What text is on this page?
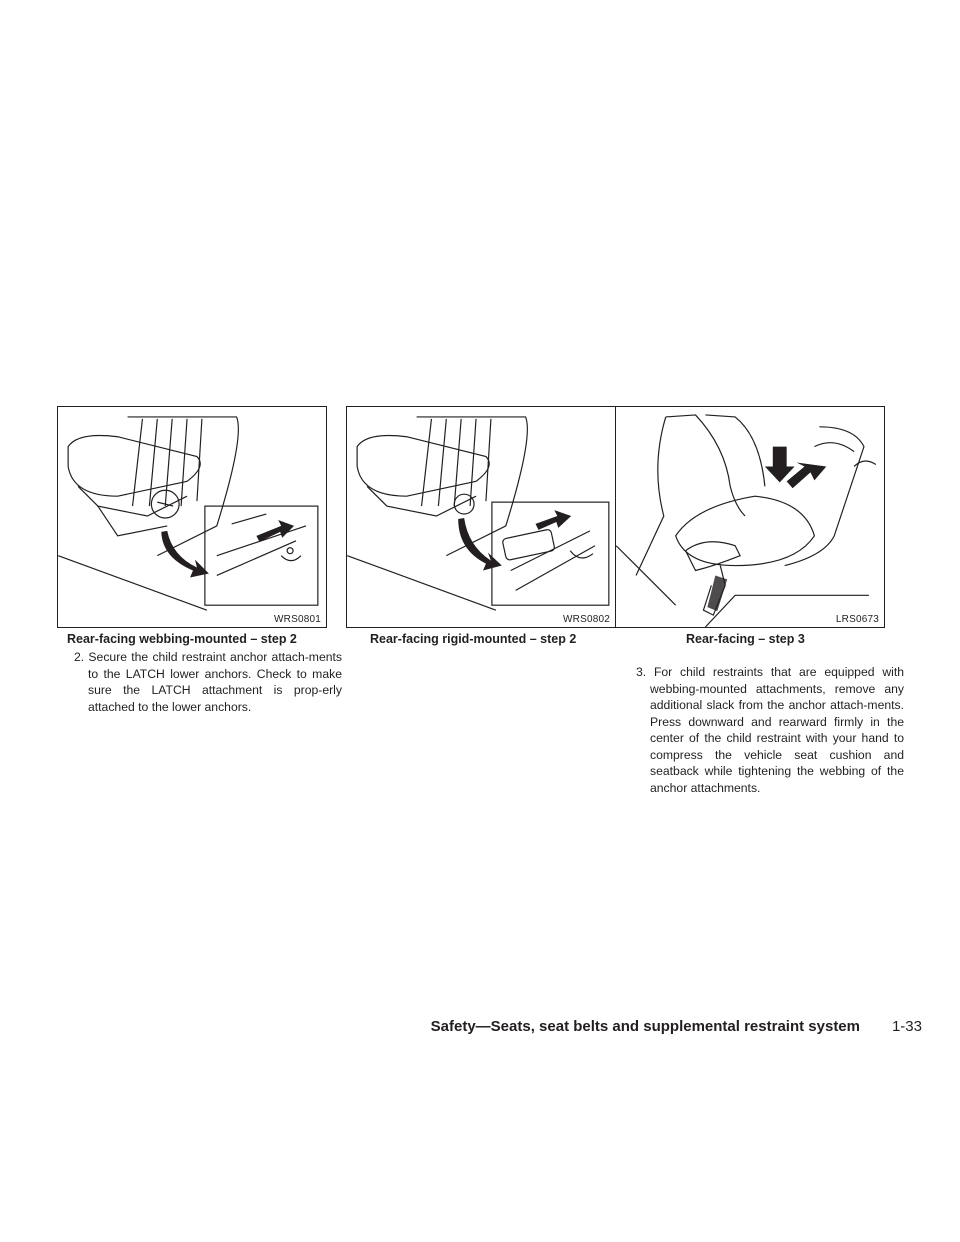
WRS0801
Rear-facing webbing-mounted – step 2
WRS0802
Rear-facing rigid-mounted – step 2
LRS0673
Rear-facing – step 3

2. Secure the child restraint anchor attach-ments to the LATCH lower anchors. Check to make sure the LATCH attachment is prop-erly attached to the lower anchors.

3. For child restraints that are equipped with webbing-mounted attachments, remove any additional slack from the anchor attach-ments. Press downward and rearward firmly in the center of the child restraint with your hand to compress the vehicle seat cushion and seatback while tightening the webbing of the anchor attachments.

Safety—Seats, seat belts and supplemental restraint system 1-33
